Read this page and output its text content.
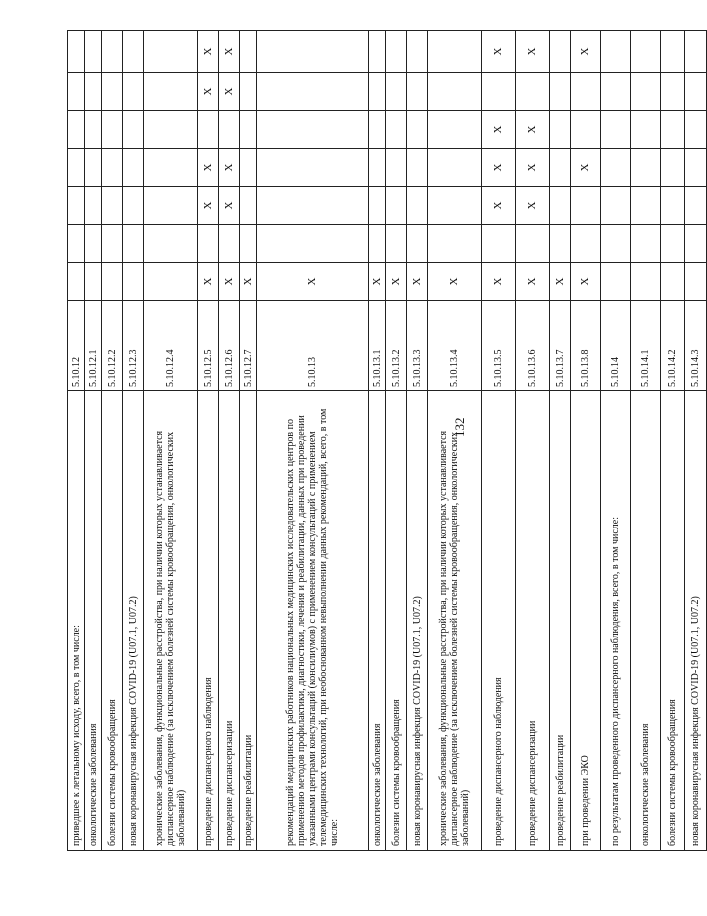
132
приведшее к летальному исходу, всего, в том числе:	5.10.12							
онкологические заболевания	5.10.12.1							
болезни системы кровообращения	5.10.12.2							
новая коронавирусная инфекция COVID-19 (U07.1, U07.2)	5.10.12.3							
хронические заболевания, функциональные расстройства, при наличии которых устанавливается диспансерное наблюдение (за исключением болезней системы кровообращения, онкологических заболеваний)	5.10.12.4							
проведение диспансерного наблюдения	5.10.12.5	X		X	X		X	X
проведение диспансеризации	5.10.12.6	X		X	X		X	X
проведение реабилитации	5.10.12.7	X						
рекомендаций медицинских работников национальных медицинских исследовательских центров по применению методов профилактики, диагностики, лечения и реабилитации, данных при проведении указанными центрами консультаций (консилиумов) с применением консультаций с применением телемедицинских технологий, при необоснованном невыполнении данных рекомендаций, всего, в том числе:	5.10.13	X						
онкологические заболевания	5.10.13.1	X						
болезни системы кровообращения	5.10.13.2	X						
новая коронавирусная инфекция COVID-19 (U07.1, U07.2)	5.10.13.3	X						
хронические заболевания, функциональные расстройства, при наличии которых устанавливается диспансерное наблюдение (за исключением болезней системы кровообращения, онкологических заболеваний)	5.10.13.4	X						
проведение диспансерного наблюдения	5.10.13.5	X		X	X	X		X
проведение диспансеризации	5.10.13.6	X		X	X	X		X
проведение реабилитации	5.10.13.7	X						
при проведении ЭКО	5.10.13.8	X			X			X
по результатам проведенного диспансерного наблюдения, всего, в том числе:	5.10.14							
онкологические заболевания	5.10.14.1							
болезни системы кровообращения	5.10.14.2							
новая коронавирусная инфекция COVID-19 (U07.1, U07.2)	5.10.14.3							
